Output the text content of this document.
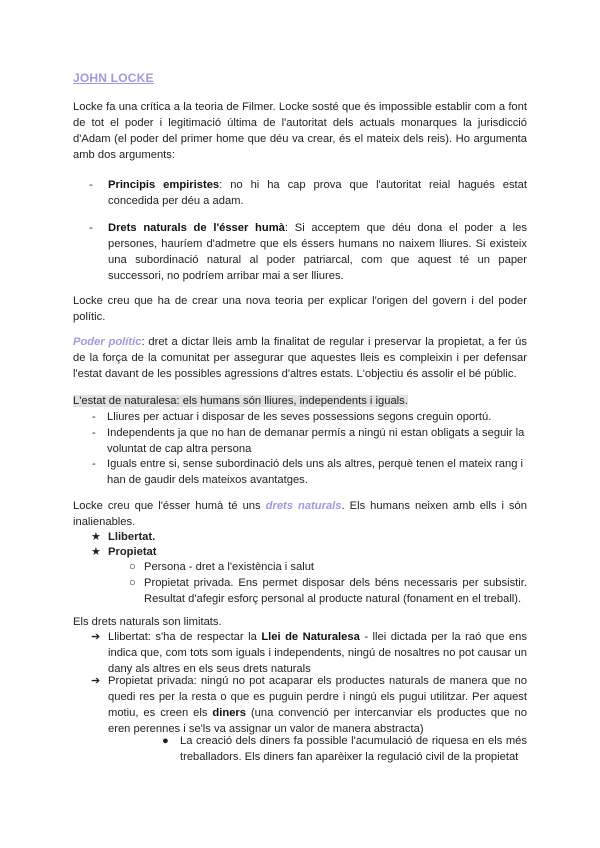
JOHN LOCKE
Locke fa una crítica a la teoria de Filmer. Locke sosté que és impossible establir com a font de tot el poder i legitimació última de l'autoritat dels actuals monarques la jurisdicció d'Adam (el poder del primer home que déu va crear, és el mateix dels reis). Ho argumenta amb dos arguments:
- Principis empiristes: no hi ha cap prova que l'autoritat reial hagués estat concedida per déu a adam.
- Drets naturals de l'ésser humà: Si acceptem que déu dona el poder a les persones, hauríem d'admetre que els éssers humans no naixem lliures. Si existeix una subordinació natural al poder patriarcal, com que aquest té un paper successori, no podríem arribar mai a ser lliures.
Locke creu que ha de crear una nova teoria per explicar l'origen del govern i del poder polític.
Poder polític: dret a dictar lleis amb la finalitat de regular i preservar la propietat, a fer ús de la força de la comunitat per assegurar que aquestes lleis es compleixin i per defensar l'estat davant de les possibles agressions d'altres estats. L'objectiu és assolir el bé públic.
L'estat de naturalesa: els humans són lliures, independents i iguals.
- Lliures per actuar i disposar de les seves possessions segons creguin oportú.
- Independents ja que no han de demanar permís a ningú ni estan obligats a seguir la voluntat de cap altra persona
- Iguals entre si, sense subordinació dels uns als altres, perquè tenen el mateix rang i han de gaudir dels mateixos avantatges.
Locke creu que l'ésser humà té uns drets naturals. Els humans neixen amb ells i són inalienables.
★ Llibertat.
★ Propietat
○ Persona - dret a l'existència i salut
○ Propietat privada. Ens permet disposar dels béns necessaris per subsistir. Resultat d'afegir esforç personal al producte natural (fonament en el treball).
Els drets naturals son limitats.
➔ Llibertat: s'ha de respectar la Llei de Naturalesa - llei dictada per la raó que ens indica que, com tots som iguals i independents, ningú de nosaltres no pot causar un dany als altres en els seus drets naturals
➔ Propietat privada: ningú no pot acaparar els productes naturals de manera que no quedi res per la resta o que es puguin perdre i ningú els pugui utilitzar. Per aquest motiu, es creen els diners (una convenció per intercanviar els productes que no eren perennes i se'ls va assignar un valor de manera abstracta)
● La creació dels diners fa possible l'acumulació de riquesa en els més treballadors. Els diners fan aparèixer la regulació civil de la propietat
